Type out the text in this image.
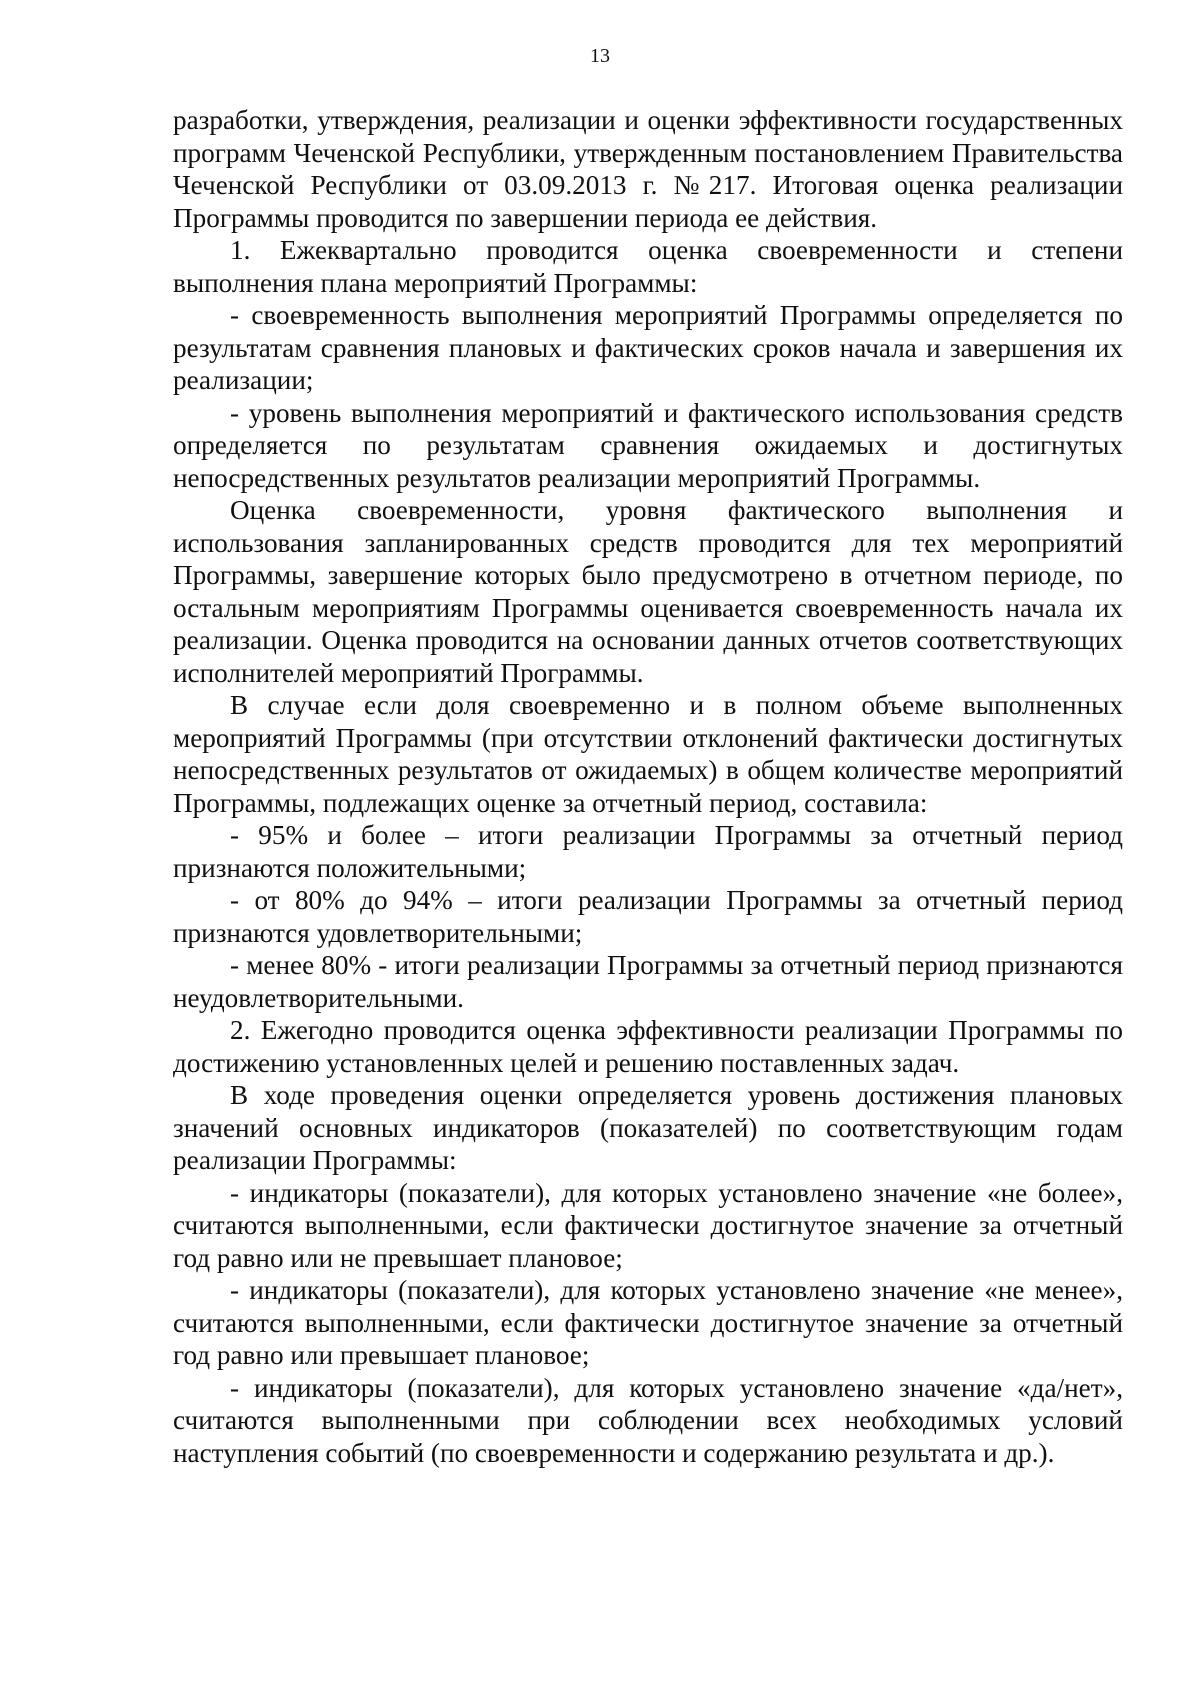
13

разработки, утверждения, реализации и оценки эффективности государственных программ Чеченской Республики, утвержденным постановлением Правительства Чеченской Республики от 03.09.2013 г. №217. Итоговая оценка реализации Программы проводится по завершении периода ее действия.

1. Ежеквартально проводится оценка своевременности и степени выполнения плана мероприятий Программы:

- своевременность выполнения мероприятий Программы определяется по результатам сравнения плановых и фактических сроков начала и завершения их реализации;

- уровень выполнения мероприятий и фактического использования средств определяется по результатам сравнения ожидаемых и достигнутых непосредственных результатов реализации мероприятий Программы.

Оценка своевременности, уровня фактического выполнения и использования запланированных средств проводится для тех мероприятий Программы, завершение которых было предусмотрено в отчетном периоде, по остальным мероприятиям Программы оценивается своевременность начала их реализации. Оценка проводится на основании данных отчетов соответствующих исполнителей мероприятий Программы.

В случае если доля своевременно и в полном объеме выполненных мероприятий Программы (при отсутствии отклонений фактически достигнутых непосредственных результатов от ожидаемых) в общем количестве мероприятий Программы, подлежащих оценке за отчетный период, составила:

- 95% и более – итоги реализации Программы за отчетный период признаются положительными;

- от 80% до 94% – итоги реализации Программы за отчетный период признаются удовлетворительными;

- менее 80% - итоги реализации Программы за отчетный период признаются неудовлетворительными.

2. Ежегодно проводится оценка эффективности реализации Программы по достижению установленных целей и решению поставленных задач.

В ходе проведения оценки определяется уровень достижения плановых значений основных индикаторов (показателей) по соответствующим годам реализации Программы:

- индикаторы (показатели), для которых установлено значение «не более», считаются выполненными, если фактически достигнутое значение за отчетный год равно или не превышает плановое;

- индикаторы (показатели), для которых установлено значение «не менее», считаются выполненными, если фактически достигнутое значение за отчетный год равно или превышает плановое;

- индикаторы (показатели), для которых установлено значение «да/нет», считаются выполненными при соблюдении всех необходимых условий наступления событий (по своевременности и содержанию результата и др.).
